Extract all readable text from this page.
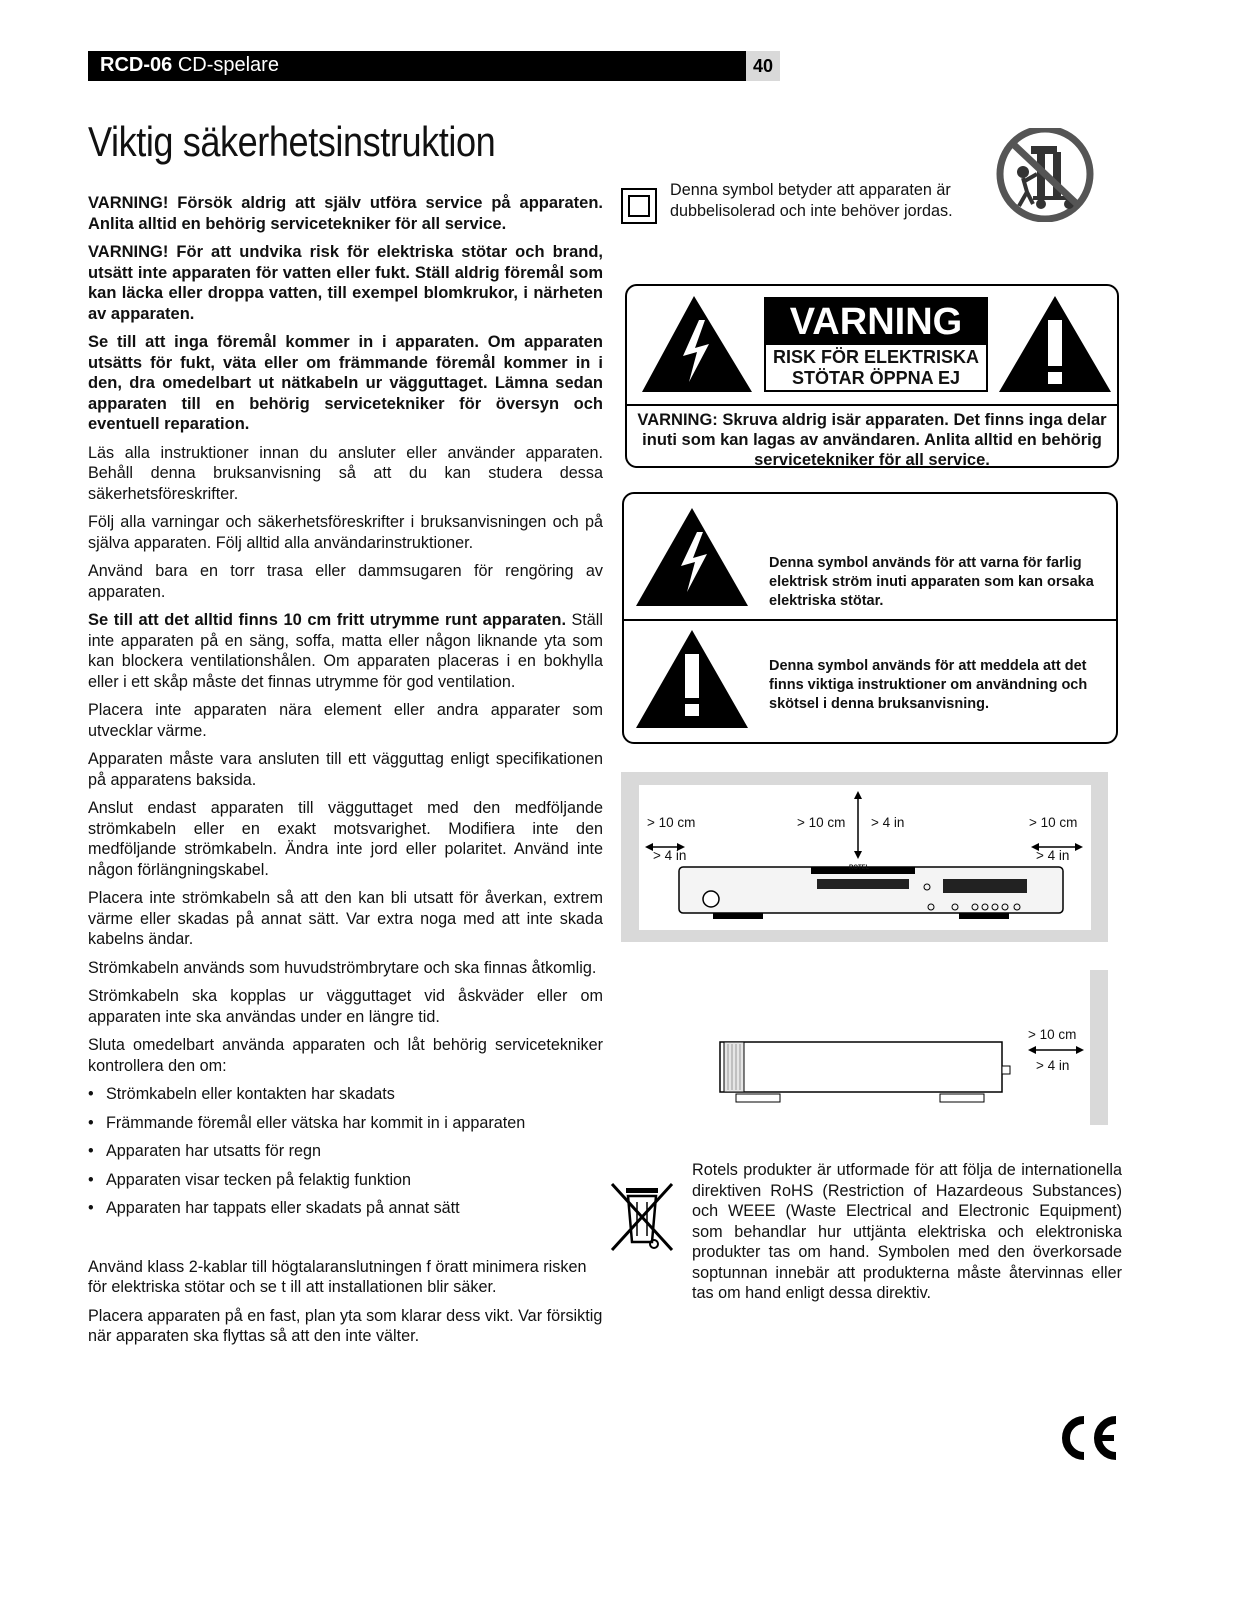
RCD-06 CD-spelare	40
Viktig säkerhetsinstruktion

VARNING! Försök aldrig att själv utföra service på apparaten. Anlita alltid en behörig servicetekniker för all service.

VARNING! För att undvika risk för elektriska stötar och brand, utsätt inte apparaten för vatten eller fukt. Ställ aldrig föremål som kan läcka eller droppa vatten, till exempel blomkrukor, i närheten av apparaten.

Se till att inga föremål kommer in i apparaten. Om apparaten utsätts för fukt, väta eller om främmande föremål kommer in i den, dra omedelbart ut nätkabeln ur vägguttaget. Lämna sedan apparaten till en behörig servicetekniker för översyn och eventuell reparation.

Läs alla instruktioner innan du ansluter eller använder apparaten. Behåll denna bruksanvisning så att du kan studera dessa säkerhetsföreskrifter.

Följ alla varningar och säkerhetsföreskrifter i bruksanvisningen och på själva apparaten. Följ alltid alla användarinstruktioner.

Använd bara en torr trasa eller dammsugaren för rengöring av apparaten.

Se till att det alltid finns 10 cm fritt utrymme runt apparaten. Ställ inte apparaten på en säng, soffa, matta eller någon liknande yta som kan blockera ventilationshålen. Om apparaten placeras i en bokhylla eller i ett skåp måste det finnas utrymme för god ventilation.

Placera inte apparaten nära element eller andra apparater som utvecklar värme.

Apparaten måste vara ansluten till ett vägguttag enligt specifikationen på apparatens baksida.

Anslut endast apparaten till vägguttaget med den medföljande strömkabeln eller en exakt motsvarighet. Modifiera inte den medföljande strömkabeln. Ändra inte jord eller polaritet. Använd inte någon förlängningskabel.

Placera inte strömkabeln så att den kan bli utsatt för åverkan, extrem värme eller skadas på annat sätt. Var extra noga med att inte skada kabelns ändar.

Strömkabeln används som huvudströmbrytare och ska finnas åtkomlig.

Strömkabeln ska kopplas ur vägguttaget vid åskväder eller om apparaten inte ska användas under en längre tid.

Sluta omedelbart använda apparaten och låt behörig servicetekniker kontrollera den om:

• Strömkabeln eller kontakten har skadats
• Främmande föremål eller vätska har kommit in i apparaten
• Apparaten har utsatts för regn
• Apparaten visar tecken på felaktig funktion
• Apparaten har tappats eller skadats på annat sätt

Använd klass 2-kablar till högtalaranslutningen f öratt minimera risken för elektriska stötar och se t ill att installationen blir säker.

Placera apparaten på en fast, plan yta som klarar dess vikt. Var försiktig när apparaten ska flyttas så att den inte välter.

Denna symbol betyder att apparaten är dubbelisolerad och inte behöver jordas.
VARNING
RISK FÖR ELEKTRISKA
STÖTAR ÖPPNA EJ
VARNING: Skruva aldrig isär apparaten. Det finns inga delar inuti som kan lagas av användaren. Anlita alltid en behörig servicetekniker för all service.
Denna symbol används för att varna för farlig elektrisk ström inuti apparaten som kan orsaka elektriska stötar.
Denna symbol används för att meddela att det finns viktiga instruktioner om användning och skötsel i denna bruksanvisning.
> 10 cm
> 4 in
> 10 cm > 4 in	> 10 cm
> 4 in
ROTEL
> 10 cm
> 4 in
Rotels produkter är utformade för att följa de internationella direktiven RoHS (Restriction of Hazardeous Substances) och WEEE (Waste Electrical and Electronic Equipment) som behandlar hur uttjänta elektriska och elektroniska produkter tas om hand. Symbolen med den överkorsade soptunnan innebär att produkterna måste återvinnas eller tas om hand enligt dessa direktiv.
